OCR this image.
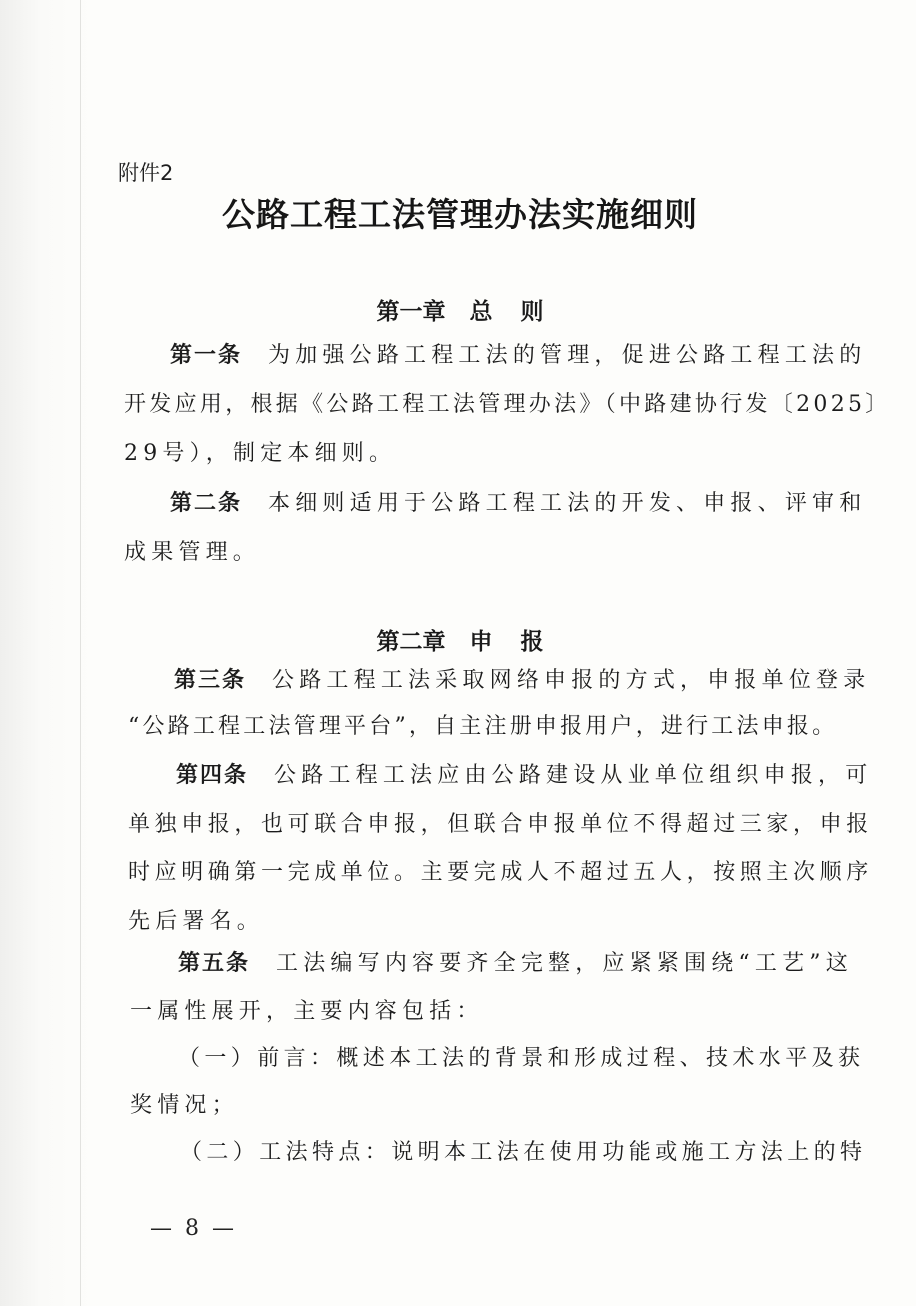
附件2
公路工程工法管理办法实施细则
第一章 总 则
第一条 为加强公路工程工法的管理，促进公路工程工法的
开发应用，根据《公路工程工法管理办法》（中路建协行发〔2025〕
29号），制定本细则。
第二条 本细则适用于公路工程工法的开发、申报、评审和
成果管理。
第二章 申 报
第三条 公路工程工法采取网络申报的方式，申报单位登录
“公路工程工法管理平台”，自主注册申报用户，进行工法申报。
第四条 公路工程工法应由公路建设从业单位组织申报，可
单独申报，也可联合申报，但联合申报单位不得超过三家，申报
时应明确第一完成单位。主要完成人不超过五人，按照主次顺序
先后署名。
第五条 工法编写内容要齐全完整，应紧紧围绕“工艺”这
一属性展开，主要内容包括：
（一）前言：概述本工法的背景和形成过程、技术水平及获
奖情况；
（二）工法特点：说明本工法在使用功能或施工方法上的特
— 8 —
